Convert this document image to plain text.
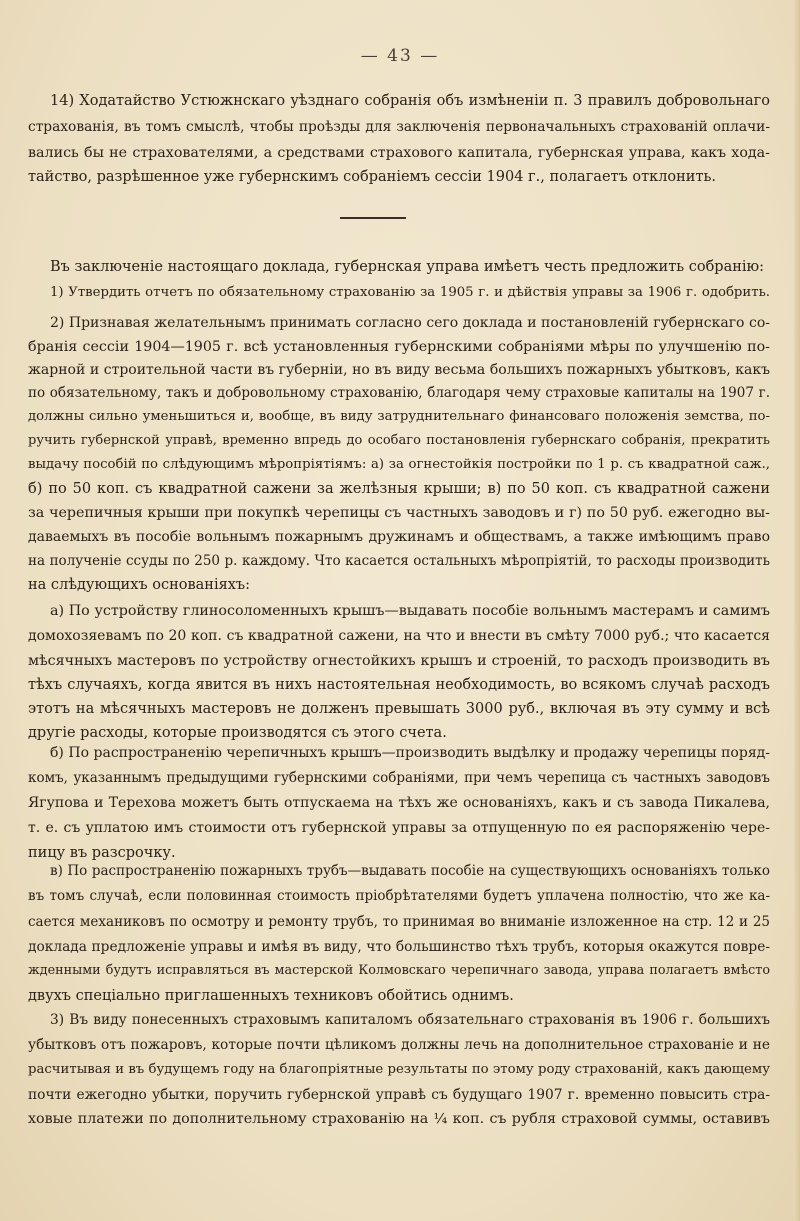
— 43 —
14) Ходатайство Устюжнскаго уѣзднаго собранія объ измѣненіи п. 3 правилъ добровольнаго
страхованія, въ томъ смыслѣ, чтобы проѣзды для заключенія первоначальныхъ страхованій оплачи-
вались бы не страхователями, а средствами страхового капитала, губернская управа, какъ хода-
тайство, разрѣшенное уже губернскимъ собраніемъ сессіи 1904 г., полагаетъ отклонить.
Въ заключеніе настоящаго доклада, губернская управа имѣетъ честь предложить собранію:
1) Утвердить отчетъ по обязательному страхованію за 1905 г. и дѣйствія управы за 1906 г. одобрить.
2) Признавая желательнымъ принимать согласно сего доклада и постановленій губернскаго со-
бранія сессіи 1904—1905 г. всѣ установленныя губернскими собраніями мѣры по улучшенію по-
жарной и строительной части въ губерніи, но въ виду весьма большихъ пожарныхъ убытковъ, какъ
по обязательному, такъ и добровольному страхованію, благодаря чему страховые капиталы на 1907 г.
должны сильно уменьшиться и, вообще, въ виду затруднительнаго финансоваго положенія земства, по-
ручить губернской управѣ, временно впредь до особаго постановленія губернскаго собранія, прекратить
выдачу пособій по слѣдующимъ мѣропріятіямъ: а) за огнестойкія постройки по 1 р. съ квадратной саж.,
б) по 50 коп. съ квадратной сажени за желѣзныя крыши; в) по 50 коп. съ квадратной сажени
за черепичныя крыши при покупкѣ черепицы съ частныхъ заводовъ и г) по 50 руб. ежегодно вы-
даваемыхъ въ пособіе вольнымъ пожарнымъ дружинамъ и обществамъ, а также имѣющимъ право
на полученіе ссуды по 250 р. каждому. Что касается остальныхъ мѣропріятій, то расходы производить
на слѣдующихъ основаніяхъ:
а) По устройству глиносоломенныхъ крышъ—выдавать пособіе вольнымъ мастерамъ и самимъ
домохозяевамъ по 20 коп. съ квадратной сажени, на что и внести въ смѣту 7000 руб.; что касается
мѣсячныхъ мастеровъ по устройству огнестойкихъ крышъ и строеній, то расходъ производить въ
тѣхъ случаяхъ, когда явится въ нихъ настоятельная необходимость, во всякомъ случаѣ расходъ
этотъ на мѣсячныхъ мастеровъ не долженъ превышать 3000 руб., включая въ эту сумму и всѣ
другіе расходы, которые производятся съ этого счета.
б) По распространенію черепичныхъ крышъ—производить выдѣлку и продажу черепицы поряд-
комъ, указаннымъ предыдущими губернскими собраніями, при чемъ черепица съ частныхъ заводовъ
Ягупова и Терехова можетъ быть отпускаема на тѣхъ же основаніяхъ, какъ и съ завода Пикалева,
т. е. съ уплатою имъ стоимости отъ губернской управы за отпущенную по ея распоряженію чере-
пицу въ разсрочку.
в) По распространенію пожарныхъ трубъ—выдавать пособіе на существующихъ основаніяхъ только
въ томъ случаѣ, если половинная стоимость пріобрѣтателями будетъ уплачена полностію, что же ка-
сается механиковъ по осмотру и ремонту трубъ, то принимая во вниманіе изложенное на стр. 12 и 25
доклада предложеніе управы и имѣя въ виду, что большинство тѣхъ трубъ, которыя окажутся повре-
жденными будутъ исправляться въ мастерской Колмовскаго черепичнаго завода, управа полагаетъ вмѣсто
двухъ спеціально приглашенныхъ техниковъ обойтись однимъ.
3) Въ виду понесенныхъ страховымъ капиталомъ обязательнаго страхованія въ 1906 г. большихъ
убытковъ отъ пожаровъ, которые почти цѣликомъ должны лечь на дополнительное страхованіе и не
расчитывая и въ будущемъ году на благопріятные результаты по этому роду страхованій, какъ дающему
почти ежегодно убытки, поручить губернской управѣ съ будущаго 1907 г. временно повысить стра-
ховые платежи по дополнительному страхованію на ¼ коп. съ рубля страховой суммы, оставивъ
